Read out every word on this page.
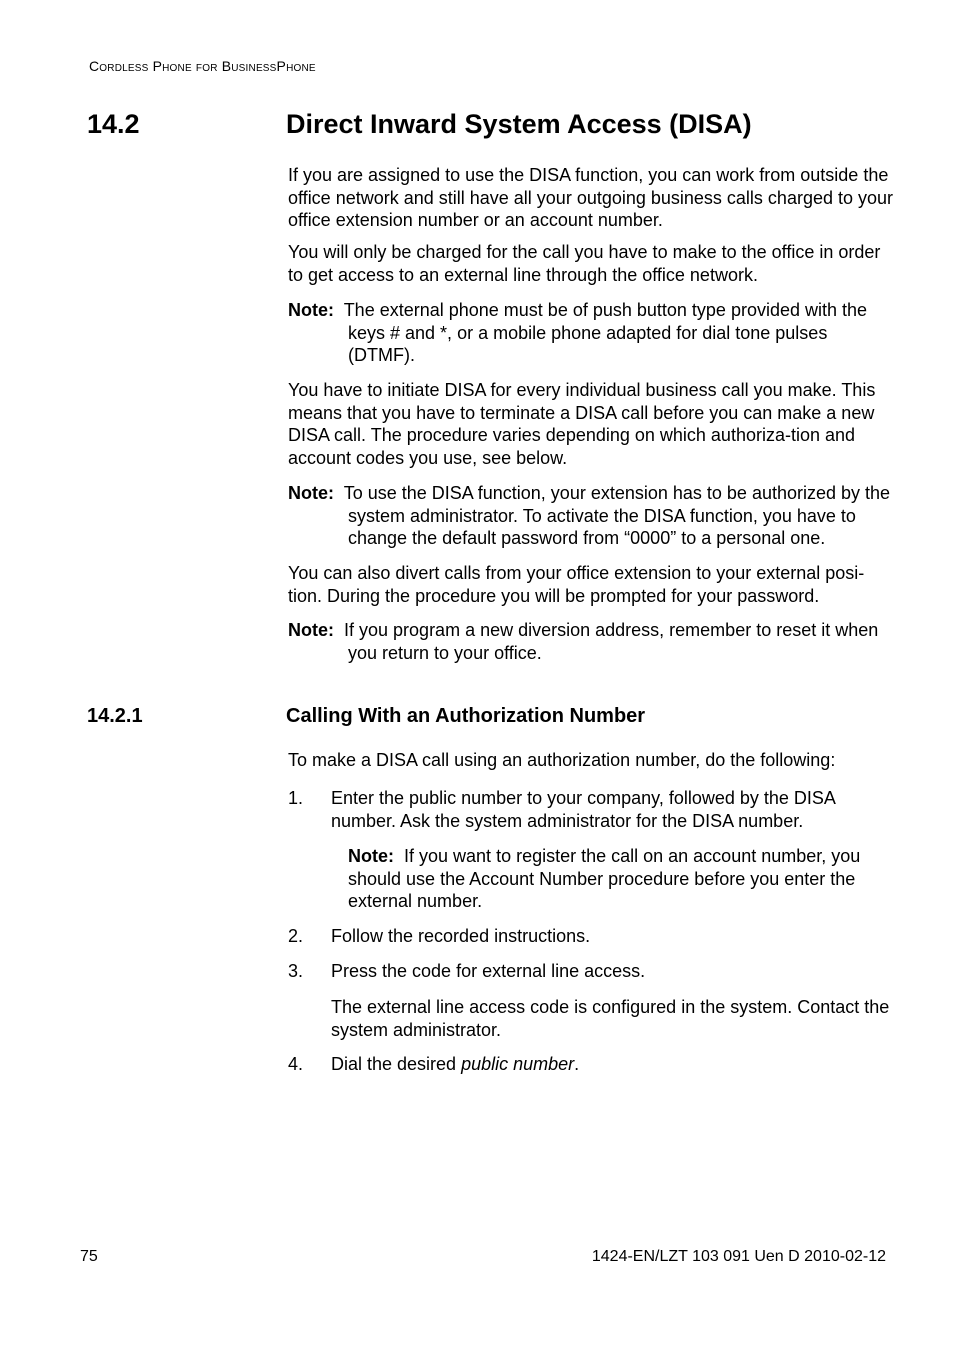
Cordless Phone for BusinessPhone
14.2	Direct Inward System Access (DISA)

If you are assigned to use the DISA function, you can work from outside the office network and still have all your outgoing business calls charged to your office extension number or an account number.

You will only be charged for the call you have to make to the office in order to get access to an external line through the office network.

Note: The external phone must be of push button type provided with the keys # and *, or a mobile phone adapted for dial tone pulses (DTMF).

You have to initiate DISA for every individual business call you make. This means that you have to terminate a DISA call before you can make a new DISA call. The procedure varies depending on which authoriza-tion and account codes you use, see below.

Note: To use the DISA function, your extension has to be authorized by the system administrator. To activate the DISA function, you have to change the default password from “0000” to a personal one.

You can also divert calls from your office extension to your external posi-tion. During the procedure you will be prompted for your password.

Note: If you program a new diversion address, remember to reset it when you return to your office.
14.2.1	Calling With an Authorization Number

To make a DISA call using an authorization number, do the following:

1. Enter the public number to your company, followed by the DISA number. Ask the system administrator for the DISA number.
Note: If you want to register the call on an account number, you should use the Account Number procedure before you enter the external number.
2. Follow the recorded instructions.
3. Press the code for external line access.
The external line access code is configured in the system. Contact the system administrator.
4. Dial the desired public number.
75	1424-EN/LZT 103 091 Uen D 2010-02-12
